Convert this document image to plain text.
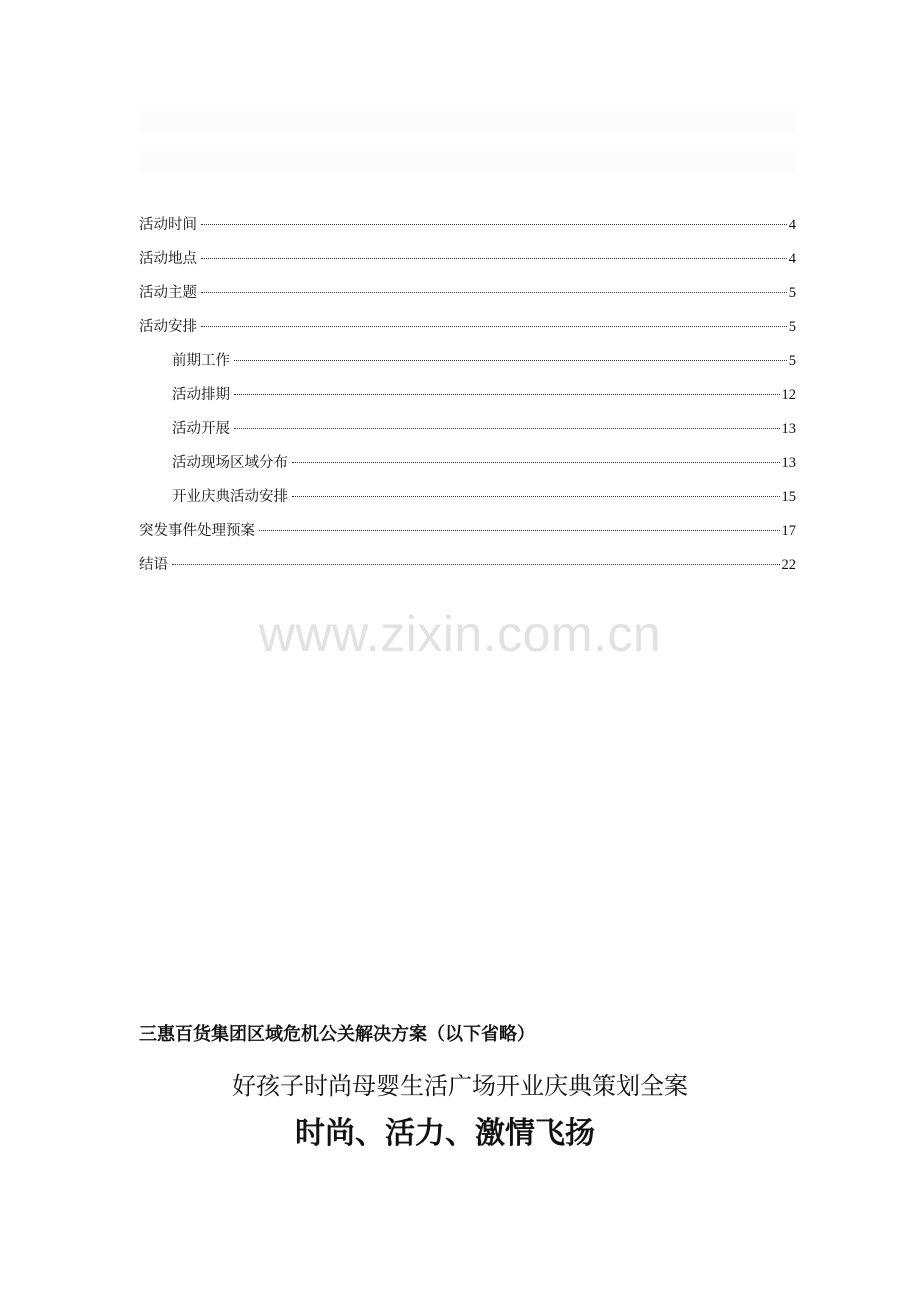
活动时间	4
活动地点	4
活动主题	5
活动安排	5
前期工作	5
活动排期	12
活动开展	13
活动现场区域分布	13
开业庆典活动安排	15
突发事件处理预案	17
结语	22
www.zixin.com.cn
三惠百货集团区域危机公关解决方案（以下省略）
好孩子时尚母婴生活广场开业庆典策划全案
时尚、活力、激情飞扬
